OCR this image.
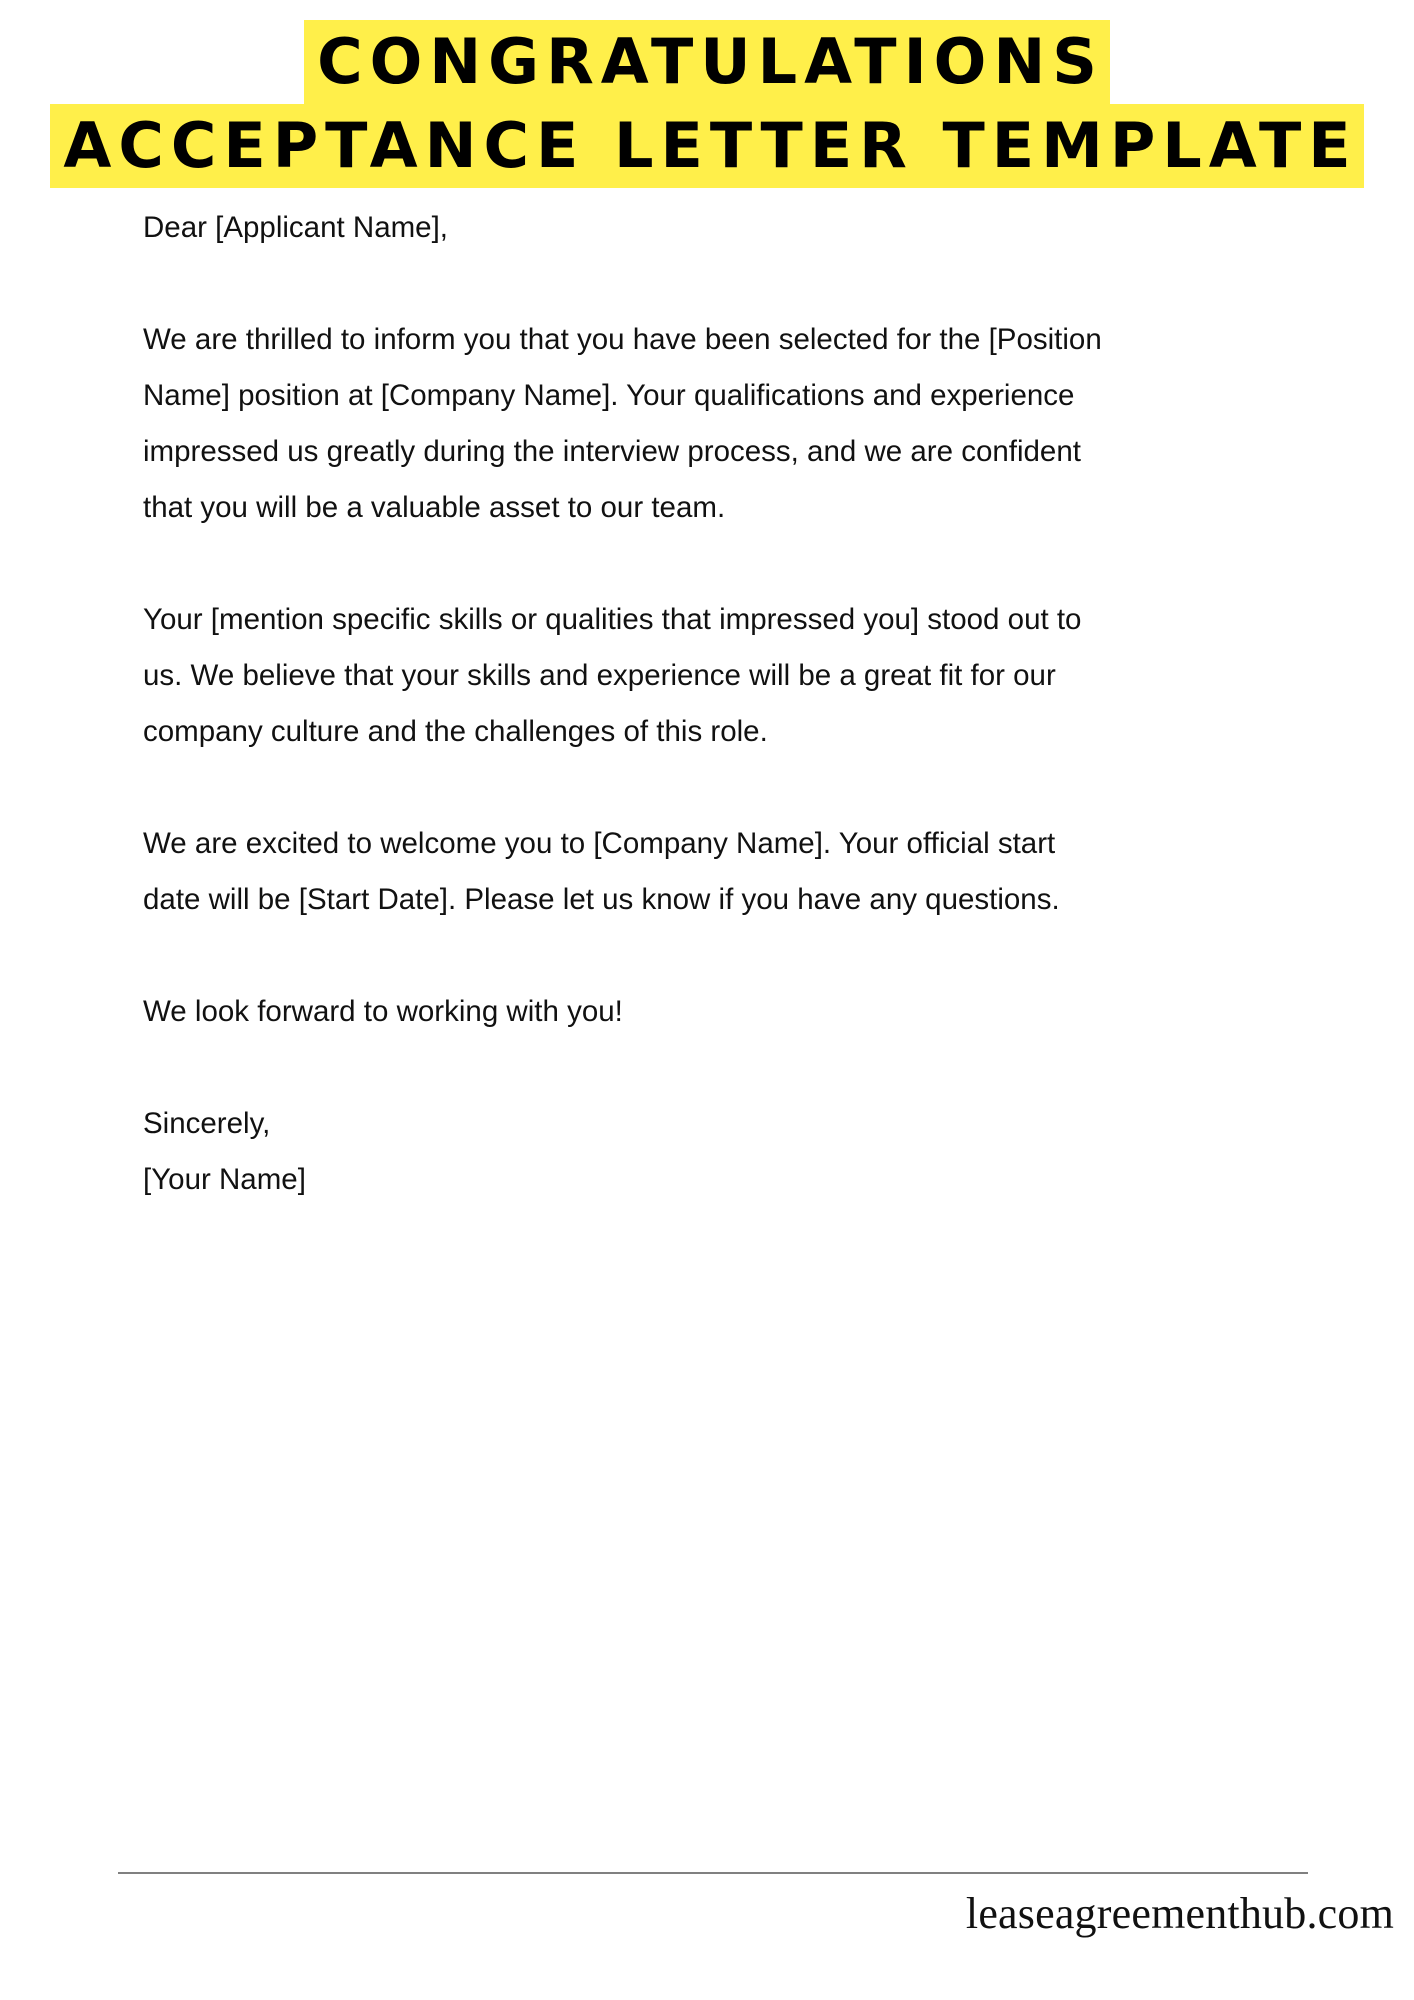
CONGRATULATIONS
ACCEPTANCE LETTER TEMPLATE

Dear [Applicant Name],

We are thrilled to inform you that you have been selected for the [Position

Name] position at [Company Name]. Your qualifications and experience

impressed us greatly during the interview process, and we are confident

that you will be a valuable asset to our team.

Your [mention specific skills or qualities that impressed you] stood out to

us. We believe that your skills and experience will be a great fit for our

company culture and the challenges of this role.

We are excited to welcome you to [Company Name]. Your official start

date will be [Start Date]. Please let us know if you have any questions.

We look forward to working with you!

Sincerely,

[Your Name]

leaseagreementhub.com
